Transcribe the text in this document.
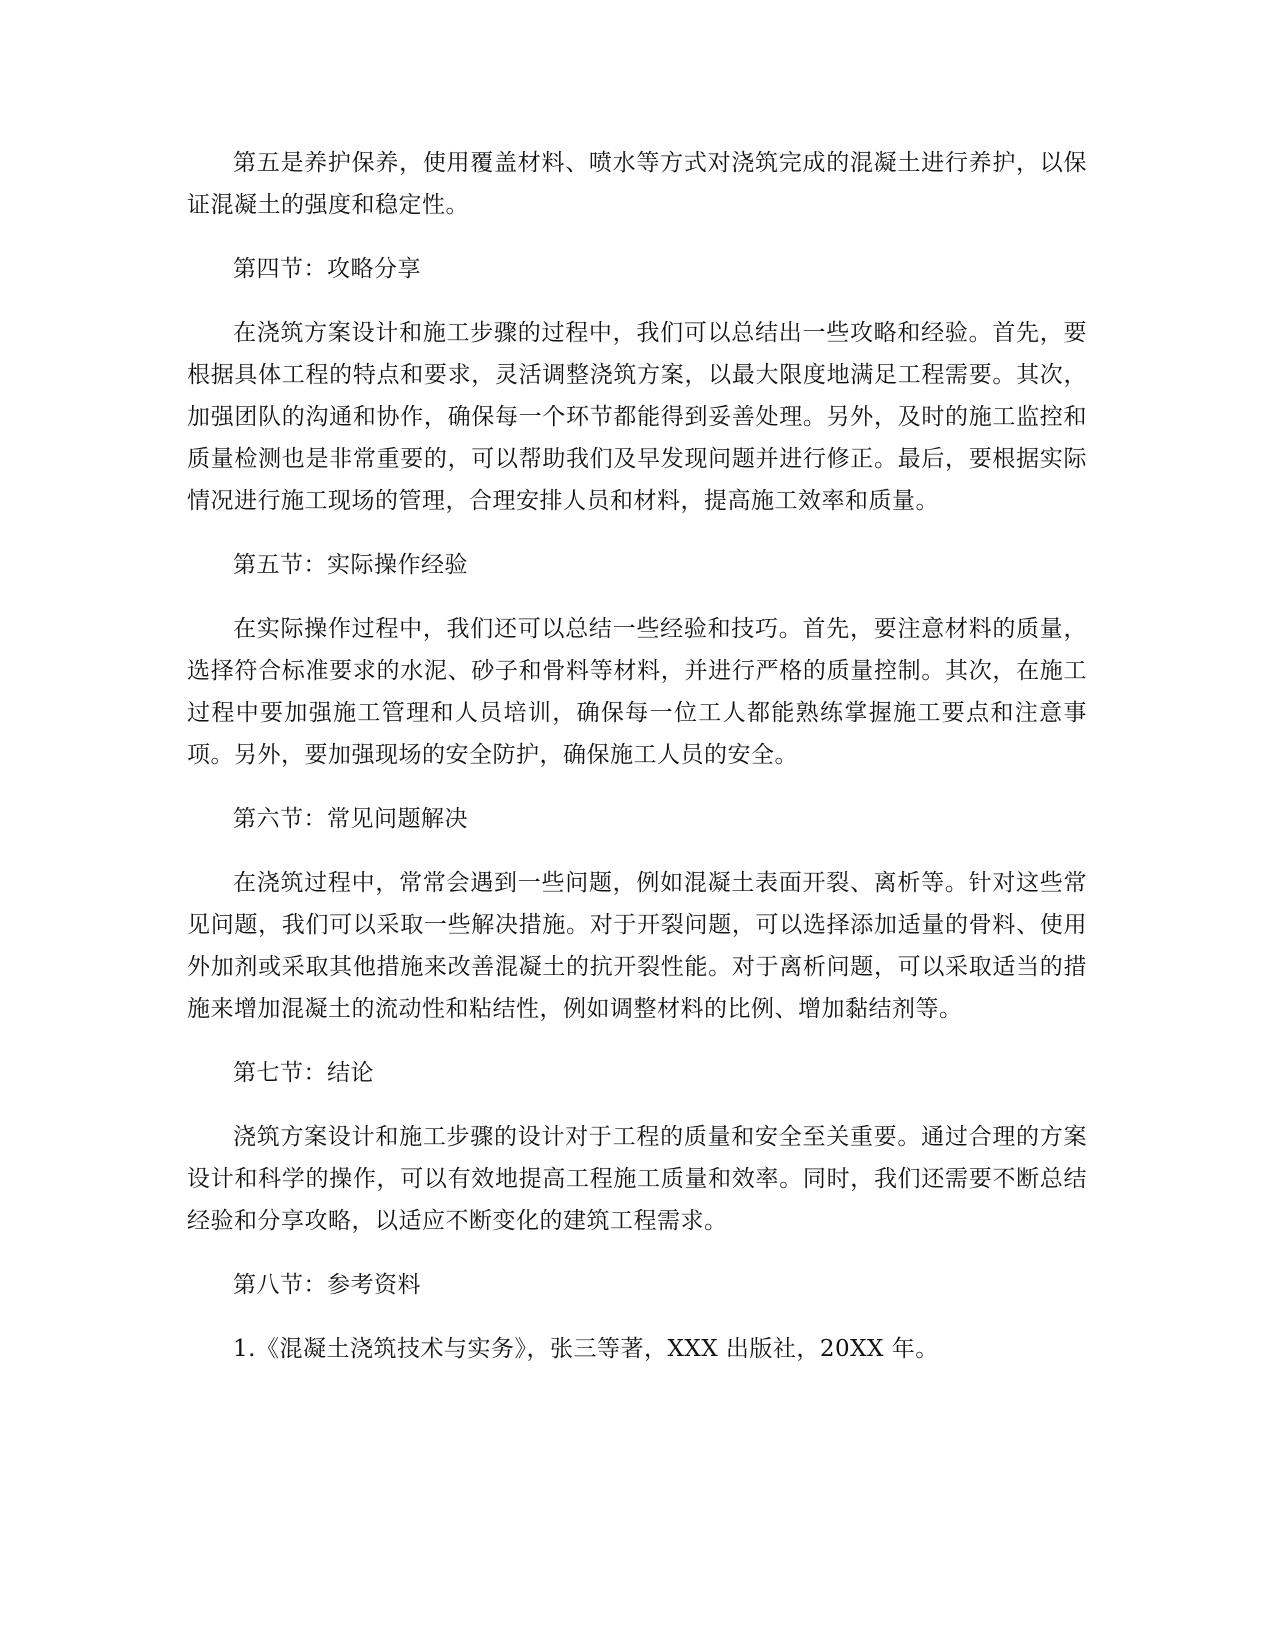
第五是养护保养，使用覆盖材料、喷水等方式对浇筑完成的混凝土进行养护，以保证混凝土的强度和稳定性。

第四节：攻略分享

在浇筑方案设计和施工步骤的过程中，我们可以总结出一些攻略和经验。首先，要根据具体工程的特点和要求，灵活调整浇筑方案，以最大限度地满足工程需要。其次，加强团队的沟通和协作，确保每一个环节都能得到妥善处理。另外，及时的施工监控和质量检测也是非常重要的，可以帮助我们及早发现问题并进行修正。最后，要根据实际情况进行施工现场的管理，合理安排人员和材料，提高施工效率和质量。

第五节：实际操作经验

在实际操作过程中，我们还可以总结一些经验和技巧。首先，要注意材料的质量，选择符合标准要求的水泥、砂子和骨料等材料，并进行严格的质量控制。其次，在施工过程中要加强施工管理和人员培训，确保每一位工人都能熟练掌握施工要点和注意事项。另外，要加强现场的安全防护，确保施工人员的安全。

第六节：常见问题解决

在浇筑过程中，常常会遇到一些问题，例如混凝土表面开裂、离析等。针对这些常见问题，我们可以采取一些解决措施。对于开裂问题，可以选择添加适量的骨料、使用外加剂或采取其他措施来改善混凝土的抗开裂性能。对于离析问题，可以采取适当的措施来增加混凝土的流动性和粘结性，例如调整材料的比例、增加黏结剂等。

第七节：结论

浇筑方案设计和施工步骤的设计对于工程的质量和安全至关重要。通过合理的方案设计和科学的操作，可以有效地提高工程施工质量和效率。同时，我们还需要不断总结经验和分享攻略，以适应不断变化的建筑工程需求。

第八节：参考资料

1.《混凝土浇筑技术与实务》，张三等著，XXX 出版社，20XX 年。
